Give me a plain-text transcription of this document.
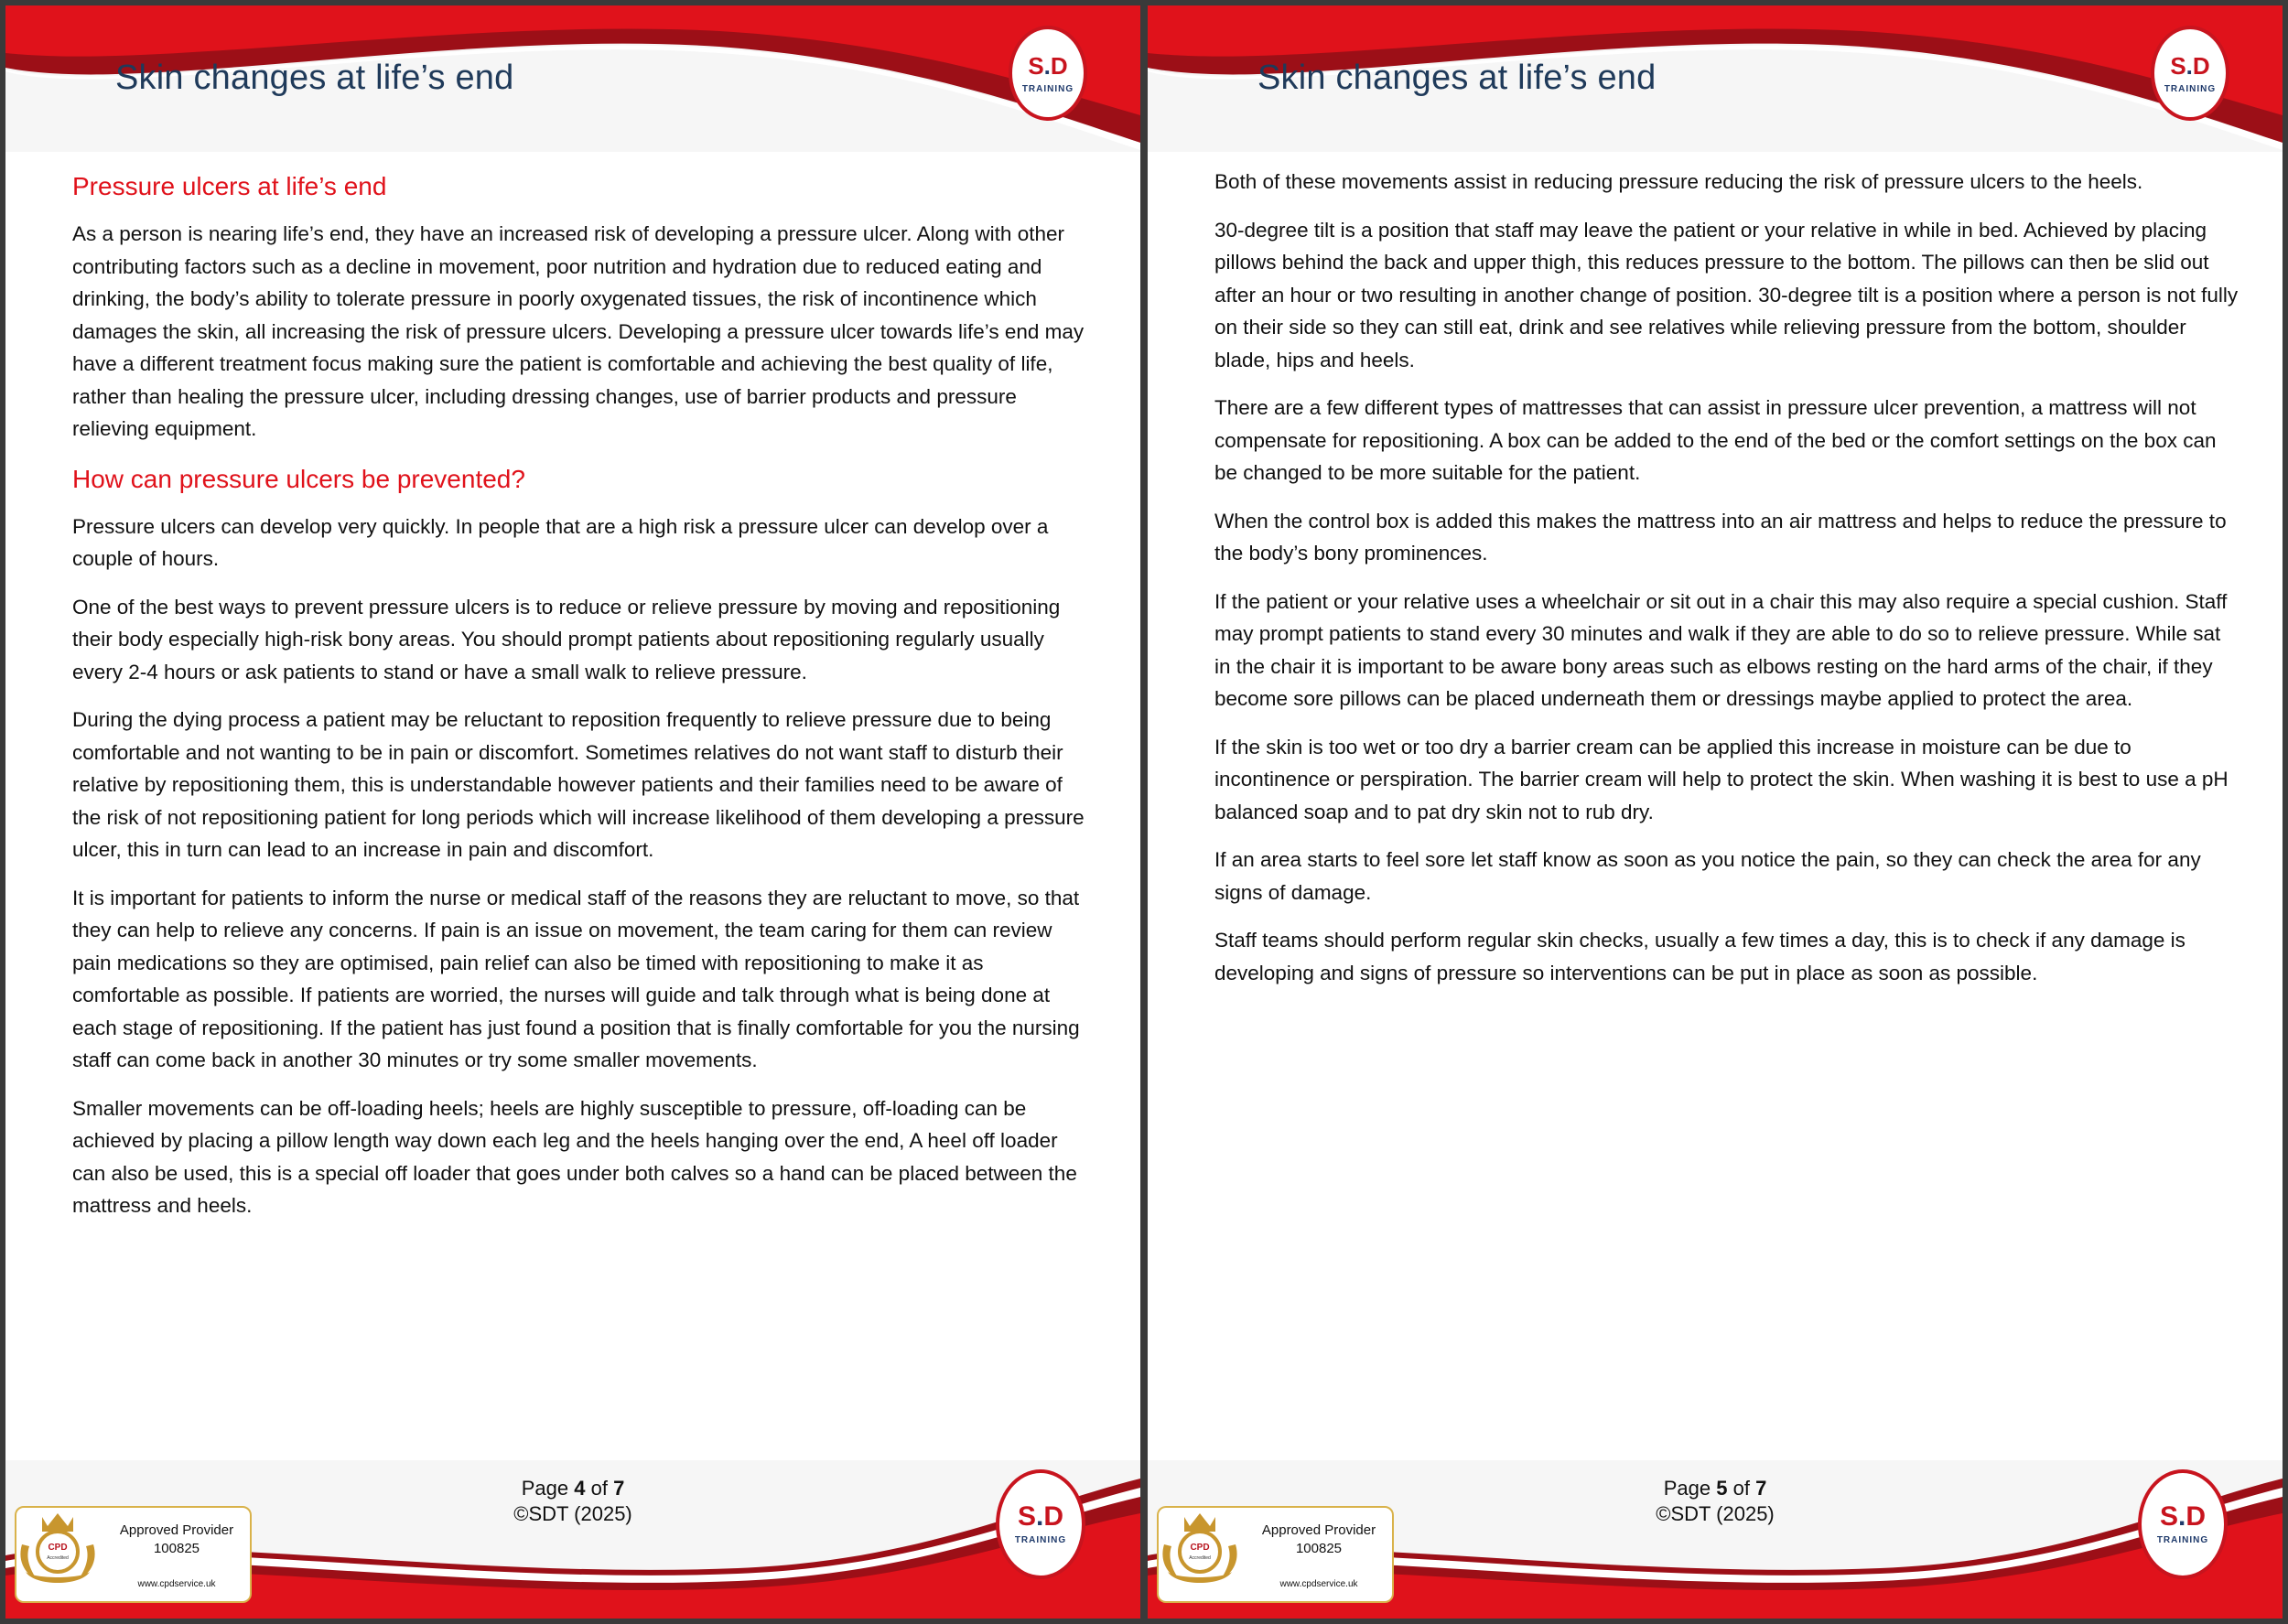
Skin changes at life’s end	S.D
TRAINING
Pressure ulcers at life’s end

As a person is nearing life’s end, they have an increased risk of developing a pressure ulcer. Along with other contributing factors such as a decline in movement, poor nutrition and hydration due to reduced eating and drinking, the body’s ability to tolerate pressure in poorly oxygenated tissues, the risk of incontinence which damages the skin, all increasing the risk of pressure ulcers. Developing a pressure ulcer towards life’s end may have a different treatment focus making sure the patient is comfortable and achieving the best quality of life, rather than healing the pressure ulcer, including dressing changes, use of barrier products and pressure relieving equipment.

How can pressure ulcers be prevented?

Pressure ulcers can develop very quickly. In people that are a high risk a pressure ulcer can develop over a couple of hours.

One of the best ways to prevent pressure ulcers is to reduce or relieve pressure by moving and repositioning their body especially high-risk bony areas. You should prompt patients about repositioning regularly usually every 2-4 hours or ask patients to stand or have a small walk to relieve pressure.

During the dying process a patient may be reluctant to reposition frequently to relieve pressure due to being comfortable and not wanting to be in pain or discomfort. Sometimes relatives do not want staff to disturb their relative by repositioning them, this is understandable however patients and their families need to be aware of the risk of not repositioning patient for long periods which will increase likelihood of them developing a pressure ulcer, this in turn can lead to an increase in pain and discomfort.

It is important for patients to inform the nurse or medical staff of the reasons they are reluctant to move, so that they can help to relieve any concerns. If pain is an issue on movement, the team caring for them can review pain medications so they are optimised, pain relief can also be timed with repositioning to make it as comfortable as possible. If patients are worried, the nurses will guide and talk through what is being done at each stage of repositioning. If the patient has just found a position that is finally comfortable for you the nursing staff can come back in another 30 minutes or try some smaller movements.

Smaller movements can be off-loading heels; heels are highly susceptible to pressure, off-loading can be achieved by placing a pillow length way down each leg and the heels hanging over the end, A heel off loader can also be used, this is a special off loader that goes under both calves so a hand can be placed between the mattress and heels.

Page 4 of 7
©SDT (2025)	S.D
TRAINING
CPD
Accredited
Approved Provider
100825
www.cpdservice.uk
Skin changes at life’s end	S.D
TRAINING

Both of these movements assist in reducing pressure reducing the risk of pressure ulcers to the heels.

30-degree tilt is a position that staff may leave the patient or your relative in while in bed. Achieved by placing pillows behind the back and upper thigh, this reduces pressure to the bottom. The pillows can then be slid out after an hour or two resulting in another change of position. 30-degree tilt is a position where a person is not fully on their side so they can still eat, drink and see relatives while relieving pressure from the bottom, shoulder blade, hips and heels.

There are a few different types of mattresses that can assist in pressure ulcer prevention, a mattress will not compensate for repositioning. A box can be added to the end of the bed or the comfort settings on the box can be changed to be more suitable for the patient.

When the control box is added this makes the mattress into an air mattress and helps to reduce the pressure to the body’s bony prominences.

If the patient or your relative uses a wheelchair or sit out in a chair this may also require a special cushion. Staff may prompt patients to stand every 30 minutes and walk if they are able to do so to relieve pressure. While sat in the chair it is important to be aware bony areas such as elbows resting on the hard arms of the chair, if they become sore pillows can be placed underneath them or dressings maybe applied to protect the area.

If the skin is too wet or too dry a barrier cream can be applied this increase in moisture can be due to incontinence or perspiration. The barrier cream will help to protect the skin. When washing it is best to use a pH balanced soap and to pat dry skin not to rub dry.

If an area starts to feel sore let staff know as soon as you notice the pain, so they can check the area for any signs of damage.

Staff teams should perform regular skin checks, usually a few times a day, this is to check if any damage is developing and signs of pressure so interventions can be put in place as soon as possible.

Page 5 of 7
©SDT (2025)	S.D
TRAINING
CPD
Accredited
Approved Provider
100825
www.cpdservice.uk
